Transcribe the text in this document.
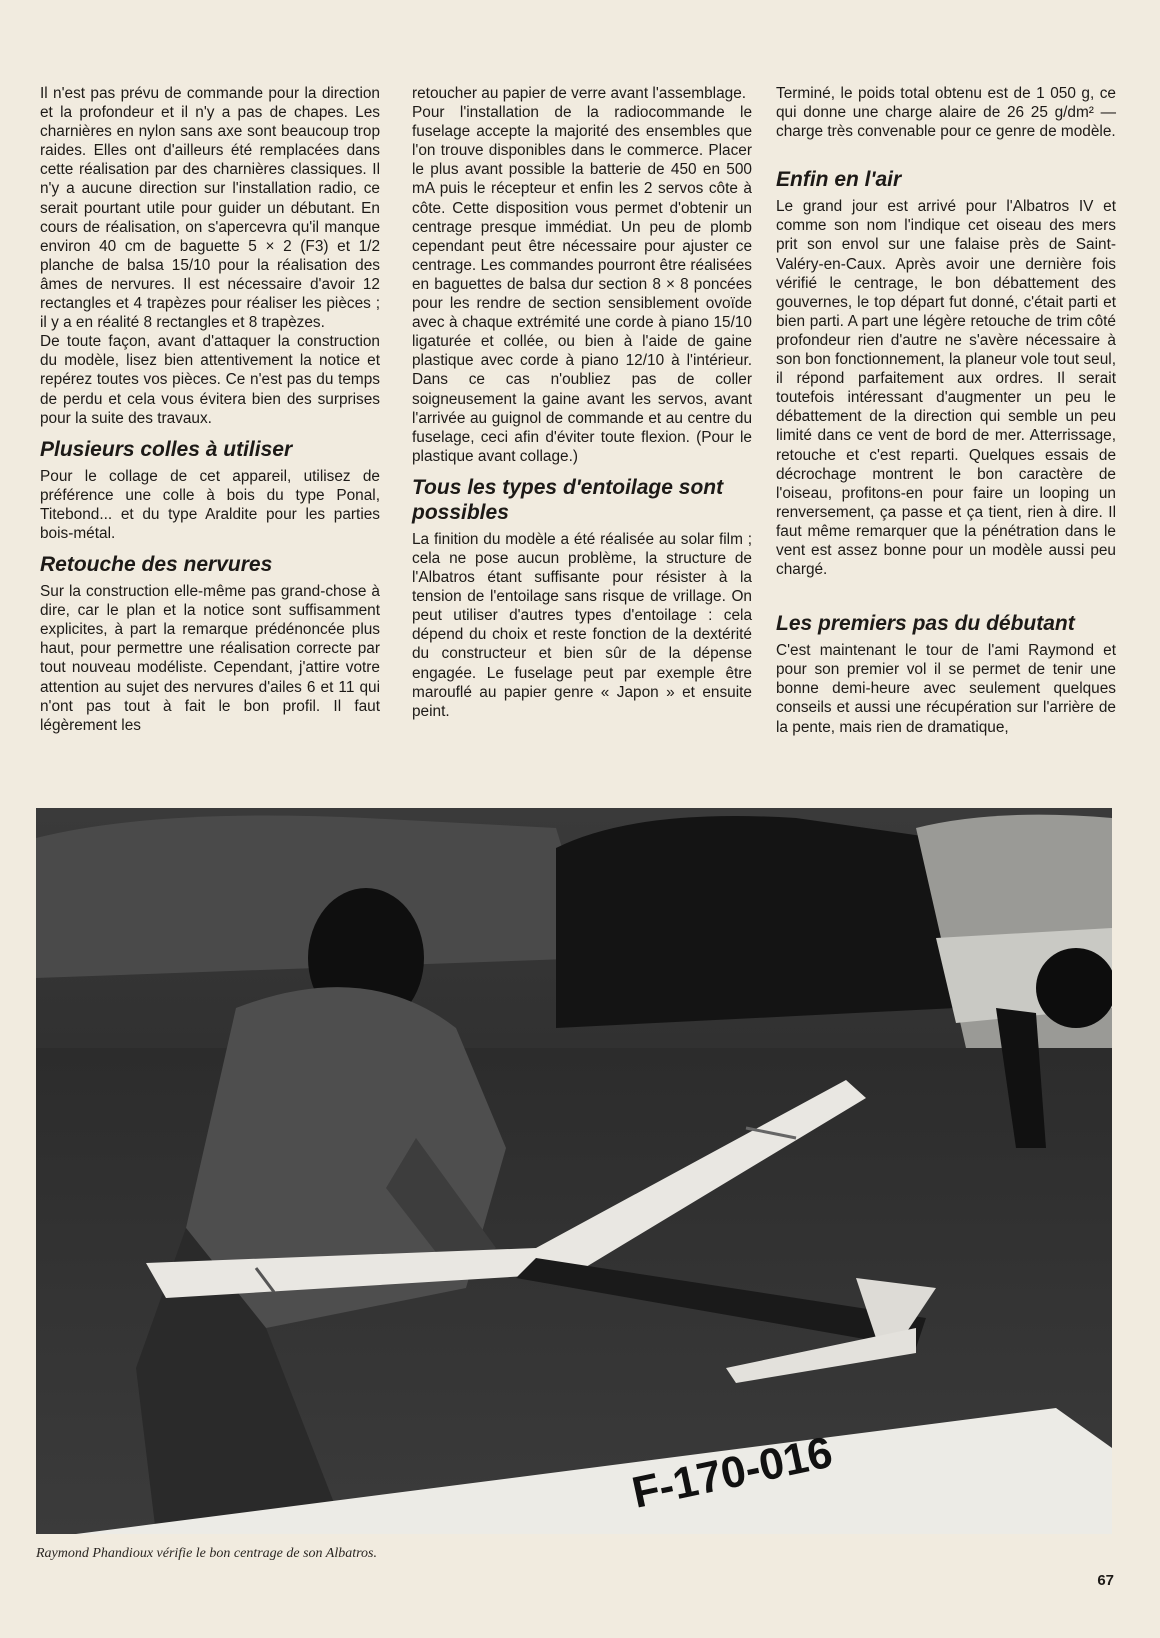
Il n'est pas prévu de commande pour la direction et la profondeur et il n'y a pas de chapes. Les charnières en nylon sans axe sont beaucoup trop raides. Elles ont d'ailleurs été remplacées dans cette réalisation par des charnières classiques. Il n'y a aucune direction sur l'installation radio, ce serait pourtant utile pour guider un débutant. En cours de réalisation, on s'apercevra qu'il manque environ 40 cm de baguette 5 × 2 (F3) et 1/2 planche de balsa 15/10 pour la réalisation des âmes de nervures. Il est nécessaire d'avoir 12 rectangles et 4 trapèzes pour réaliser les pièces ; il y a en réalité 8 rectangles et 8 trapèzes.

De toute façon, avant d'attaquer la construction du modèle, lisez bien attentivement la notice et repérez toutes vos pièces. Ce n'est pas du temps de perdu et cela vous évitera bien des surprises pour la suite des travaux.

Plusieurs colles à utiliser

Pour le collage de cet appareil, utilisez de préférence une colle à bois du type Ponal, Titebond... et du type Araldite pour les parties bois-métal.

Retouche des nervures

Sur la construction elle-même pas grand-chose à dire, car le plan et la notice sont suffisamment explicites, à part la remarque prédénoncée plus haut, pour permettre une réalisation correcte par tout nouveau modéliste. Cependant, j'attire votre attention au sujet des nervures d'ailes 6 et 11 qui n'ont pas tout à fait le bon profil. Il faut légèrement les

retoucher au papier de verre avant l'assemblage.

Pour l'installation de la radiocommande le fuselage accepte la majorité des ensembles que l'on trouve disponibles dans le commerce. Placer le plus avant possible la batterie de 450 en 500 mA puis le récepteur et enfin les 2 servos côte à côte. Cette disposition vous permet d'obtenir un centrage presque immédiat. Un peu de plomb cependant peut être nécessaire pour ajuster ce centrage. Les commandes pourront être réalisées en baguettes de balsa dur section 8 × 8 poncées pour les rendre de section sensiblement ovoïde avec à chaque extrémité une corde à piano 15/10 ligaturée et collée, ou bien à l'aide de gaine plastique avec corde à piano 12/10 à l'intérieur. Dans ce cas n'oubliez pas de coller soigneusement la gaine avant les servos, avant l'arrivée au guignol de commande et au centre du fuselage, ceci afin d'éviter toute flexion. (Pour le plastique avant collage.)

Tous les types d'entoilage sont possibles

La finition du modèle a été réalisée au solar film ; cela ne pose aucun problème, la structure de l'Albatros étant suffisante pour résister à la tension de l'entoilage sans risque de vrillage. On peut utiliser d'autres types d'entoilage : cela dépend du choix et reste fonction de la dextérité du constructeur et bien sûr de la dépense engagée. Le fuselage peut par exemple être marouflé au papier genre « Japon » et ensuite peint.

Terminé, le poids total obtenu est de 1 050 g, ce qui donne une charge alaire de 26 25 g/dm² — charge très convenable pour ce genre de modèle.

Enfin en l'air

Le grand jour est arrivé pour l'Albatros IV et comme son nom l'indique cet oiseau des mers prit son envol sur une falaise près de Saint-Valéry-en-Caux. Après avoir une dernière fois vérifié le centrage, le bon débattement des gouvernes, le top départ fut donné, c'était parti et bien parti. A part une légère retouche de trim côté profondeur rien d'autre ne s'avère nécessaire à son bon fonctionnement, la planeur vole tout seul, il répond parfaitement aux ordres. Il serait toutefois intéressant d'augmenter un peu le débattement de la direction qui semble un peu limité dans ce vent de bord de mer. Atterrissage, retouche et c'est reparti. Quelques essais de décrochage montrent le bon caractère de l'oiseau, profitons-en pour faire un looping un renversement, ça passe et ça tient, rien à dire. Il faut même remarquer que la pénétration dans le vent est assez bonne pour un modèle aussi peu chargé.

Les premiers pas du débutant

C'est maintenant le tour de l'ami Raymond et pour son premier vol il se permet de tenir une bonne demi-heure avec seulement quelques conseils et aussi une récupération sur l'arrière de la pente, mais rien de dramatique,

F-170-016
Raymond Phandioux vérifie le bon centrage de son Albatros.
67
